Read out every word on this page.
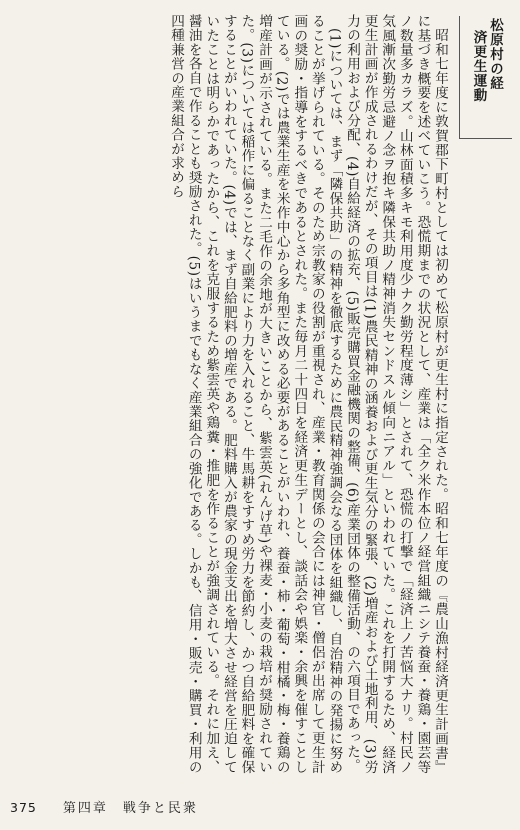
松原村の経
済更生運動

昭和七年度に敦賀郡下町村としては初めて松原村が更生村に指定された。昭和七年度の『農山漁村経済更生計画書』に基づき概要を述べていこう。恐慌期までの状況として、産業は「全ク米作本位ノ経営組織ニシテ養蚕・養鶏・園芸等ノ数量多カラズ。山林面積多キモ利用度少ナク勤労程度薄シ」とされて、恐慌の打撃で「経済上ノ苦悩大ナリ。村民ノ気風漸次勤労忌避ノ念ヲ抱キ隣保共助ノ精神消失センドスル傾向ニアル」といわれていた。これを打開するため、経済更生計画が作成されるわけだが、その項目は(1)農民精神の涵養および更生気分の緊張、(2)増産および土地利用、(3)労力の利用および分配、(4)自給経済の拡充、(5)販売購買金融機関の整備、(6)産業団体の整備活動、の六項目であった。

(1)については、まず「隣保共助」の精神を徹底するために農民精神強調会なる団体を組織し、自治精神の発揚に努めることが挙げられている。そのため宗教家の役割が重視され、産業・教育関係の会合には神官・僧侶が出席して更生計画の奨励・指導をするべきであるとされた。また毎月二十四日を経済更生デーとし、談話会や娯楽・余興を催すことしている。(2)では農業生産を米作中心から多角型に改める必要があることがいわれ、養蚕・柿・葡萄・柑橘・梅・養鶏の増産計画が示されている。また二毛作の余地が大きいことから、紫雲英(れんげ草)や裸麦・小麦の栽培が奨励されていた。(3)については稲作に偏ることなく副業により力を入れること、牛馬耕をすすめ労力を節約し、かつ自給肥料を確保することがいわれていた。(4)では、まず自給肥料の増産である。肥料購入が農家の現金支出を増大させ経営を圧迫していたことは明らかであったから、これを克服するため紫雲英や鶏糞・推肥を作ることが強調されている。それに加え、醤油を各自で作ることも奨励された。(5)はいうまでもなく産業組合の強化である。しかも、信用・販売・購買・利用の四種兼営の産業組合が求めら

375 第四章　戦争と民衆
